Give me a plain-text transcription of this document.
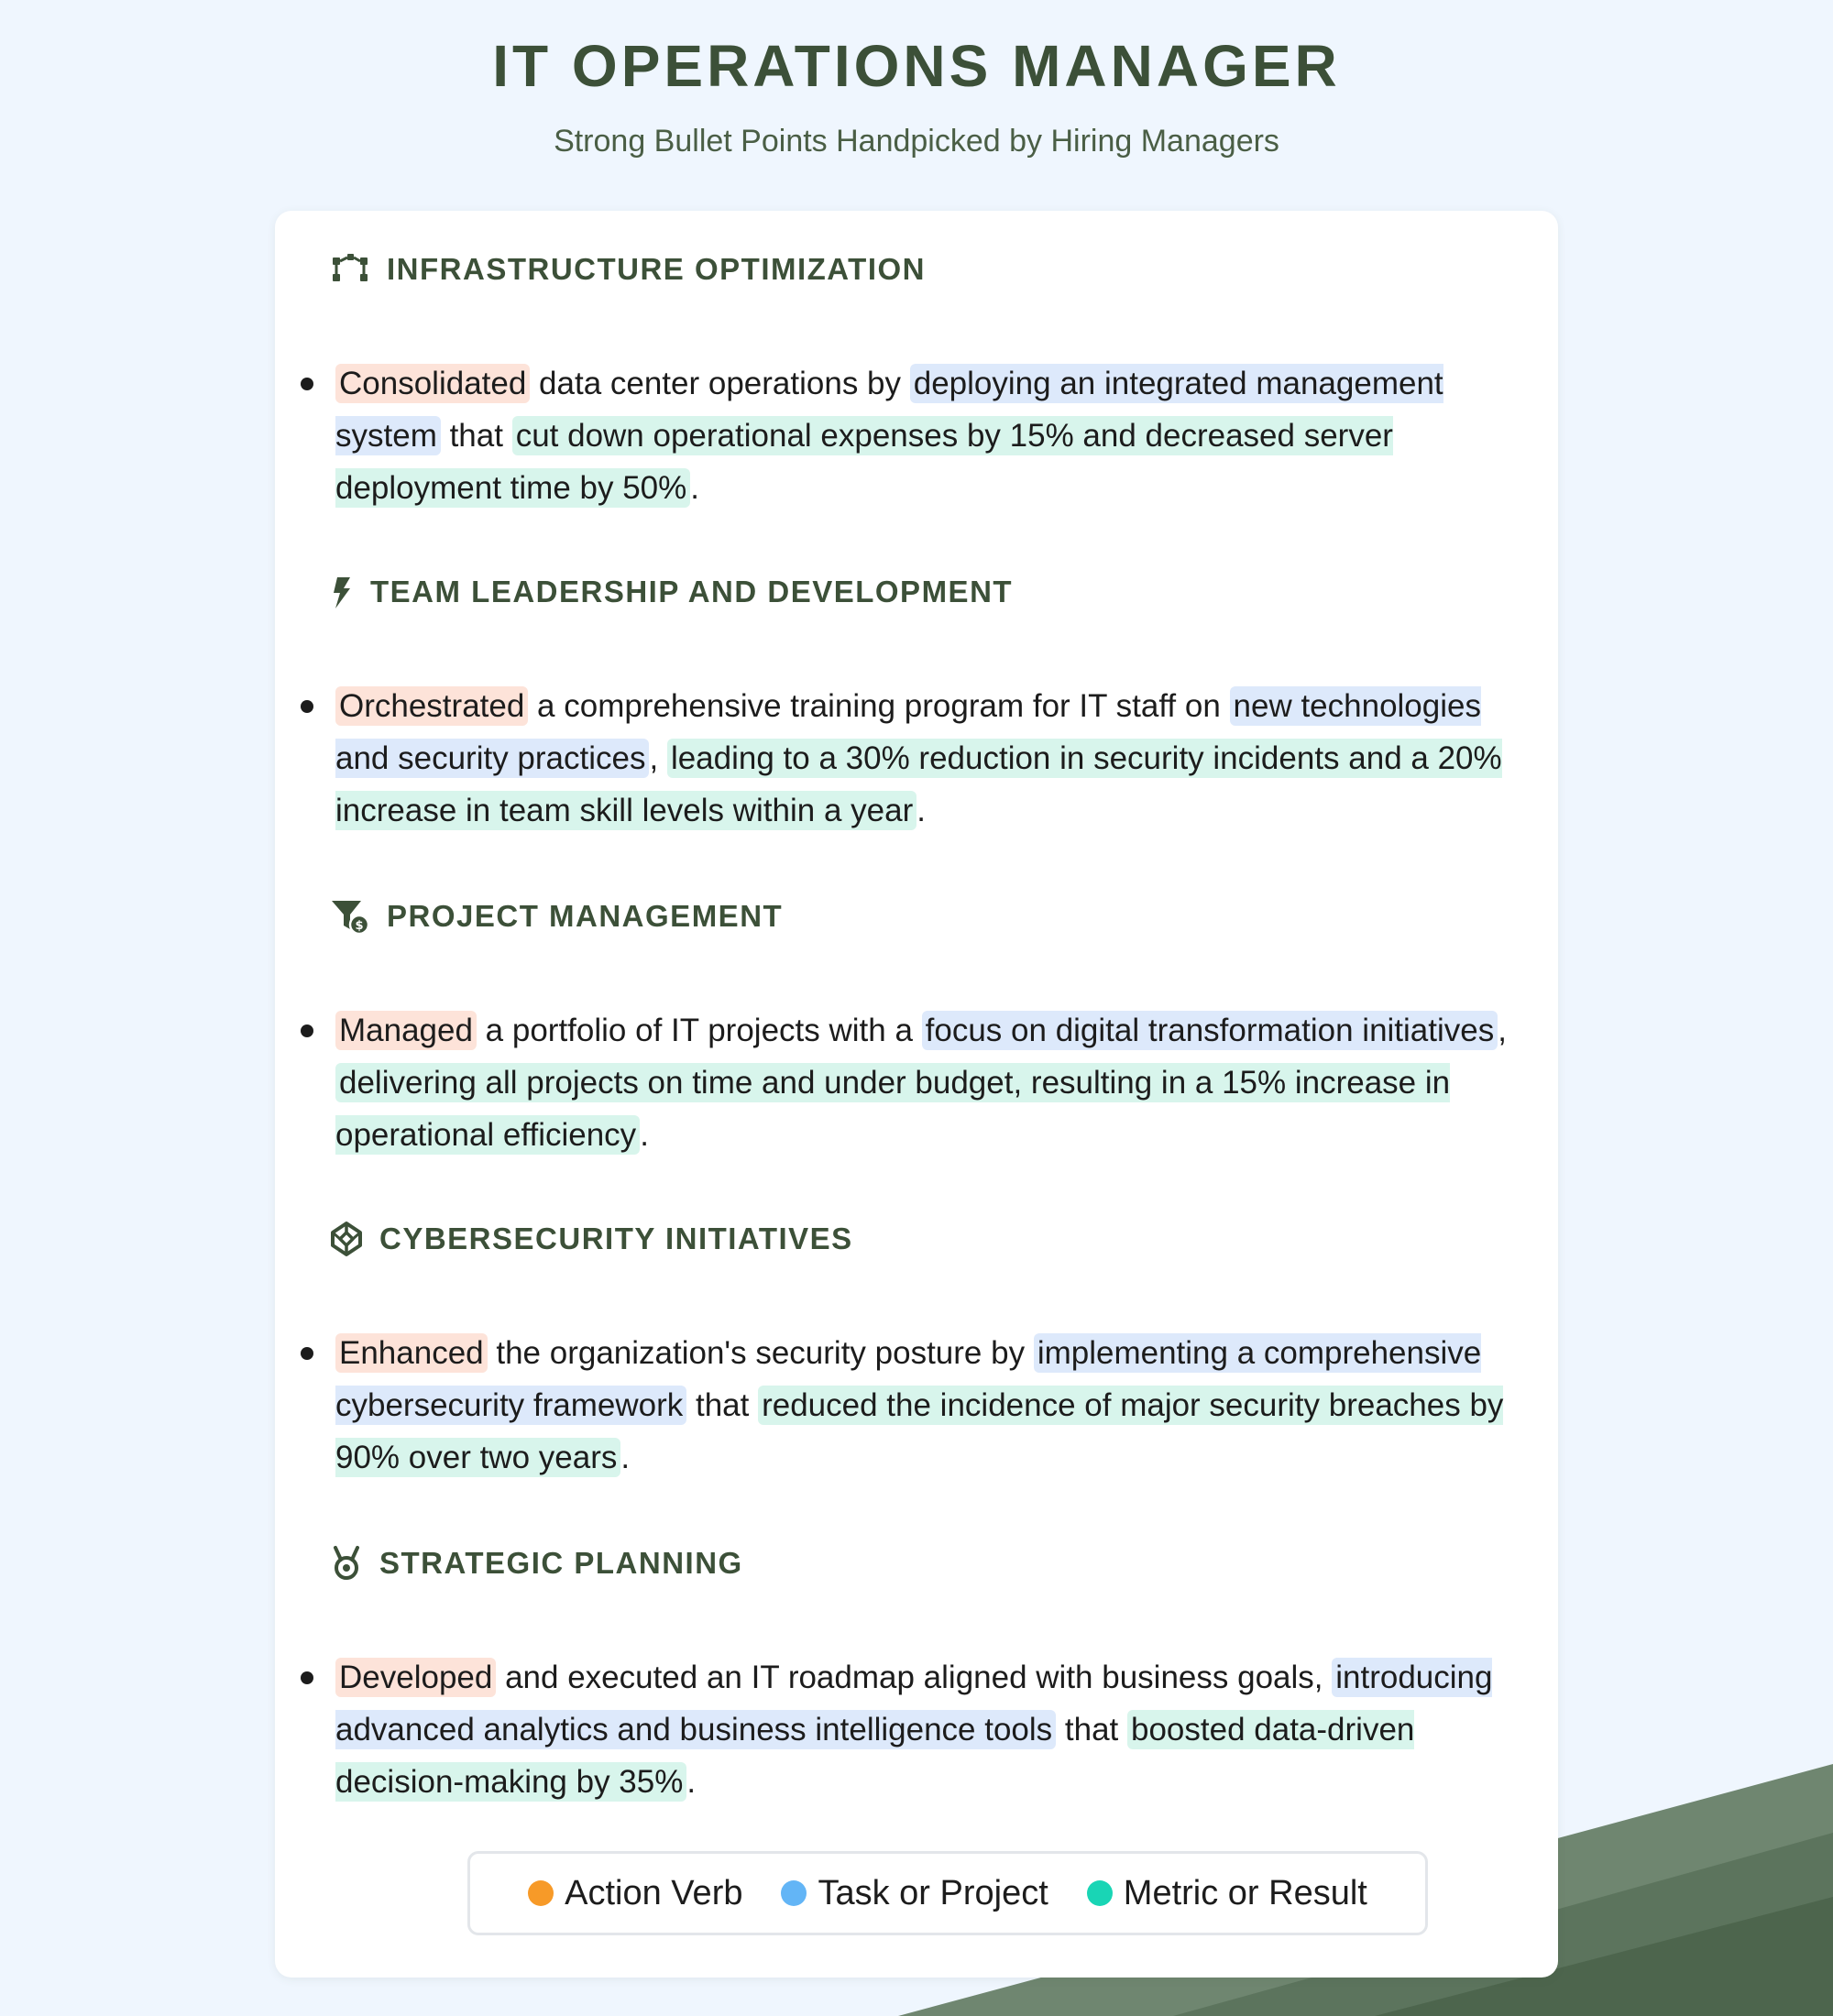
IT OPERATIONS MANAGER
Strong Bullet Points Handpicked by Hiring Managers
INFRASTRUCTURE OPTIMIZATION
Consolidated data center operations by deploying an integrated management system that cut down operational expenses by 15% and decreased server deployment time by 50% .
TEAM LEADERSHIP AND DEVELOPMENT
Orchestrated a comprehensive training program for IT staff on new technologies and security practices , leading to a 30% reduction in security incidents and a 20% increase in team skill levels within a year .
$ PROJECT MANAGEMENT
Managed a portfolio of IT projects with a focus on digital transformation initiatives , delivering all projects on time and under budget, resulting in a 15% increase in operational efficiency .
CYBERSECURITY INITIATIVES
Enhanced the organization's security posture by implementing a comprehensive cybersecurity framework that reduced the incidence of major security breaches by 90% over two years .
STRATEGIC PLANNING
Developed and executed an IT roadmap aligned with business goals, introducing advanced analytics and business intelligence tools that boosted data-driven decision-making by 35% .
Action Verb Task or Project Metric or Result
